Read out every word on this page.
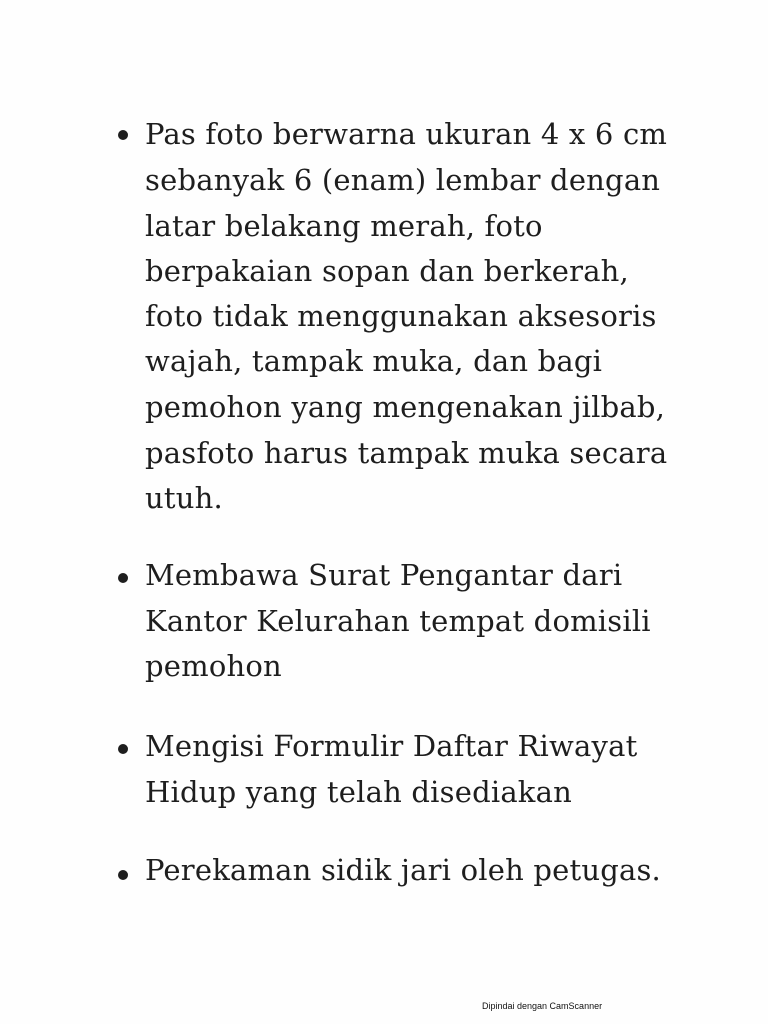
Pas foto berwarna ukuran 4 x 6 cm
sebanyak 6 (enam) lembar dengan
latar belakang merah, foto
berpakaian sopan dan berkerah,
foto tidak menggunakan aksesoris
wajah, tampak muka, dan bagi
pemohon yang mengenakan jilbab,
pasfoto harus tampak muka secara
utuh.
Membawa Surat Pengantar dari
Kantor Kelurahan tempat domisili
pemohon
Mengisi Formulir Daftar Riwayat
Hidup yang telah disediakan
Perekaman sidik jari oleh petugas.
Dipindai dengan CamScanner
